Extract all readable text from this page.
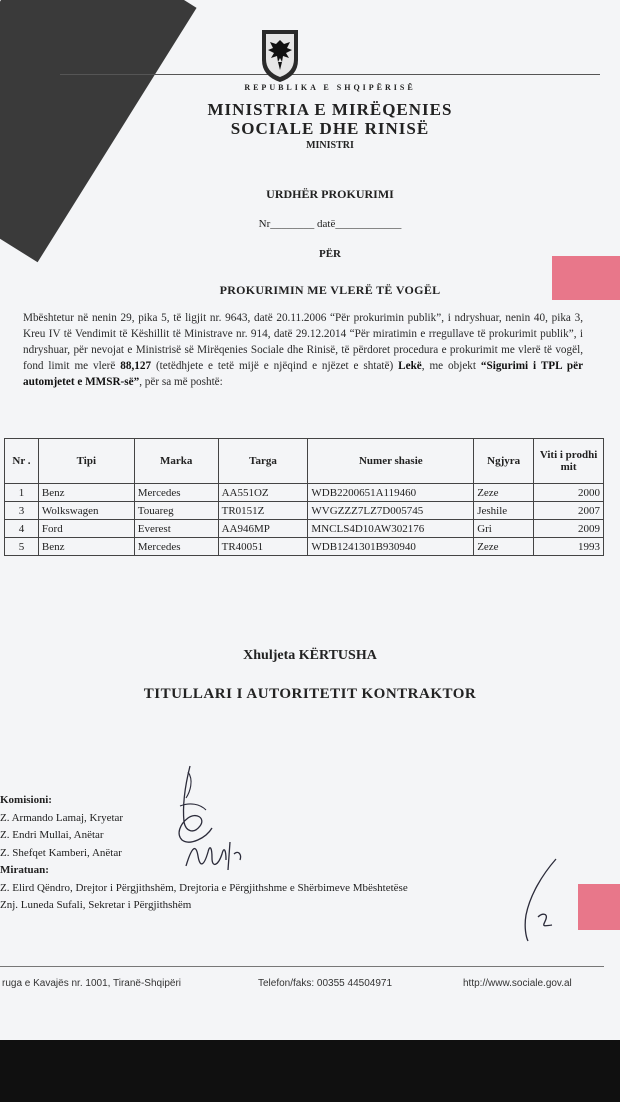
REPUBLIKA E SHQIPËRISË
MINISTRIA E MIRËQENIES
SOCIALE DHE RINISË
MINISTRI
URDHËR PROKURIMI
Nr________ datë____________
PËR
PROKURIMIN ME VLERË TË VOGËL
Mbështetur në nenin 29, pika 5, të ligjit nr. 9643, datë 20.11.2006 “Për prokurimin publik”, i ndryshuar, nenin 40, pika 3, Kreu IV të Vendimit të Këshillit të Ministrave nr. 914, datë 29.12.2014 “Për miratimin e rregullave të prokurimit publik”, i ndryshuar, për nevojat e Ministrisë së Mirëqenies Sociale dhe Rinisë, të përdoret procedura e prokurimit me vlerë të vogël, fond limit me vlerë 88,127 (tetëdhjete e tetë mijë e njëqind e njëzet e shtatë) Lekë, me objekt “Sigurimi i TPL për automjetet e MMSR-së”, për sa më poshtë:
Nr .	Tipi	Marka	Targa	Numer shasie	Ngjyra	Viti i prodhi mit
1	Benz	Mercedes	AA551OZ	WDB2200651A119460	Zeze	2000
3	Wolkswagen	Touareg	TR0151Z	WVGZZZ7LZ7D005745	Jeshile	2007
4	Ford	Everest	AA946MP	MNCLS4D10AW302176	Gri	2009
5	Benz	Mercedes	TR40051	WDB1241301B930940	Zeze	1993
Xhuljeta KËRTUSHA
TITULLARI I AUTORITETIT KONTRAKTOR
Komisioni:
Z. Armando Lamaj, Kryetar
Z. Endri Mullai, Anëtar
Z. Shefqet Kamberi, Anëtar
Miratuan:
Z. Elird Qëndro, Drejtor i Përgjithshëm, Drejtoria e Përgjithshme e Shërbimeve Mbështetëse
Znj. Luneda Sufali, Sekretar i Përgjithshëm
ruga e Kavajës nr. 1001, Tiranë-Shqipëri	Telefon/faks: 00355 44504971	http://www.sociale.gov.al
